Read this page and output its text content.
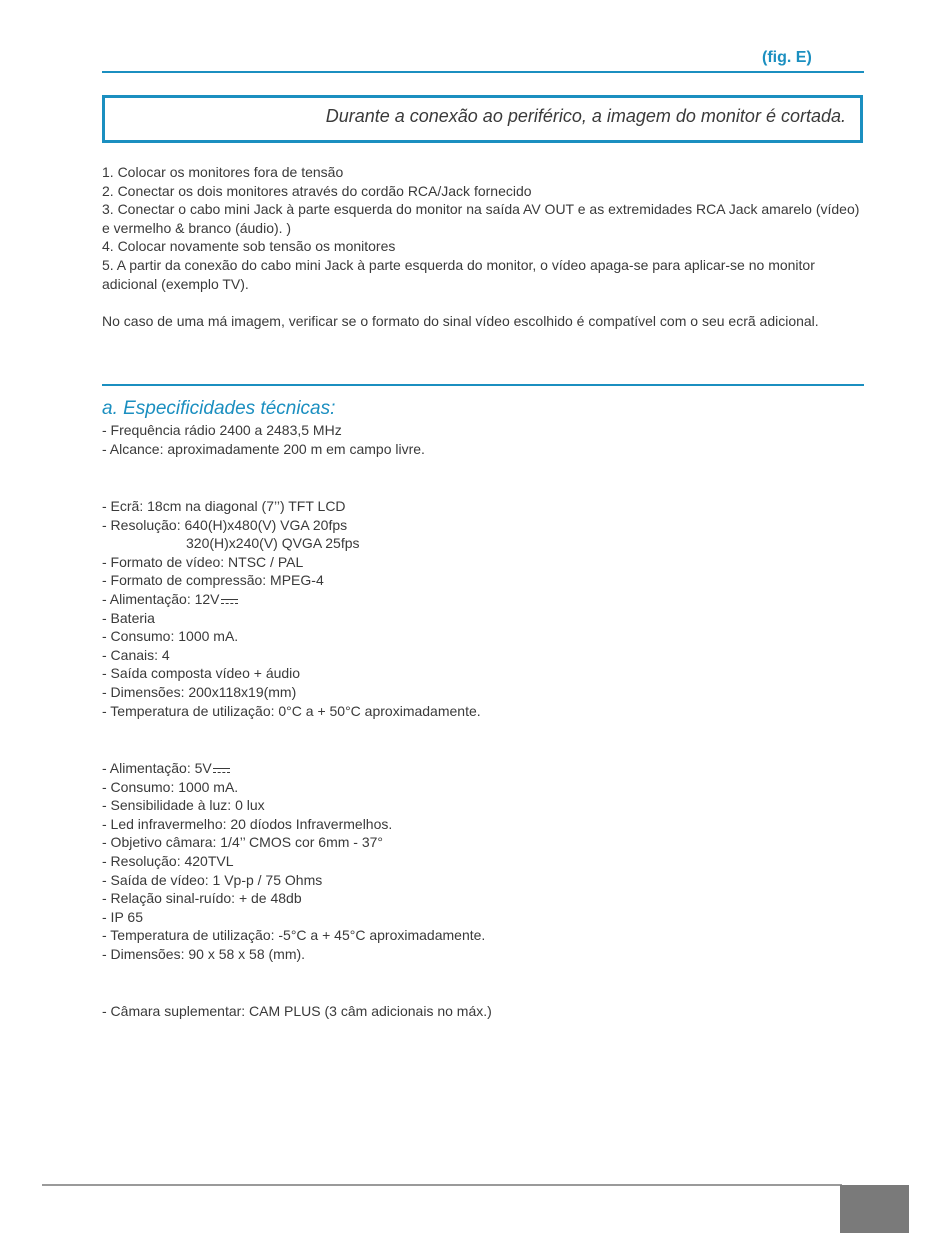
(fig. E)
Durante a conexão ao periférico, a imagem do monitor é cortada.
1. Colocar os monitores fora de tensão
2. Conectar os dois monitores através do cordão RCA/Jack fornecido
3. Conectar o cabo mini Jack à parte esquerda do monitor na saída AV OUT e as extremidades RCA Jack amarelo (vídeo) e vermelho & branco (áudio). )
4. Colocar novamente sob tensão os monitores
5. A partir da conexão do cabo mini Jack à parte esquerda do monitor, o vídeo apaga-se para aplicar-se no monitor adicional (exemplo TV).
No caso de uma má imagem, verificar se o formato do sinal vídeo escolhido é compatível com o seu ecrã adicional.
a. Especificidades técnicas:
- Frequência rádio 2400 a 2483,5 MHz
- Alcance: aproximadamente 200 m em campo livre.
- Ecrã: 18cm na diagonal (7’’) TFT LCD
- Resolução: 640(H)x480(V) VGA 20fps
320(H)x240(V) QVGA 25fps
- Formato de vídeo: NTSC / PAL
- Formato de compressão: MPEG-4
- Alimentação: 12V
- Bateria
- Consumo: 1000 mA.
- Canais: 4
- Saída composta vídeo + áudio
- Dimensões: 200x118x19(mm)
- Temperatura de utilização: 0°C a + 50°C aproximadamente.
- Alimentação: 5V
- Consumo: 1000 mA.
- Sensibilidade à luz: 0 lux
- Led infravermelho: 20 díodos Infravermelhos.
- Objetivo câmara: 1/4’’ CMOS cor 6mm - 37°
- Resolução: 420TVL
- Saída de vídeo: 1 Vp-p / 75 Ohms
- Relação sinal-ruído: + de 48db
- IP 65
- Temperatura de utilização: -5°C a + 45°C aproximadamente.
- Dimensões: 90 x 58 x 58 (mm).
- Câmara suplementar: CAM PLUS (3 câm adicionais no máx.)
